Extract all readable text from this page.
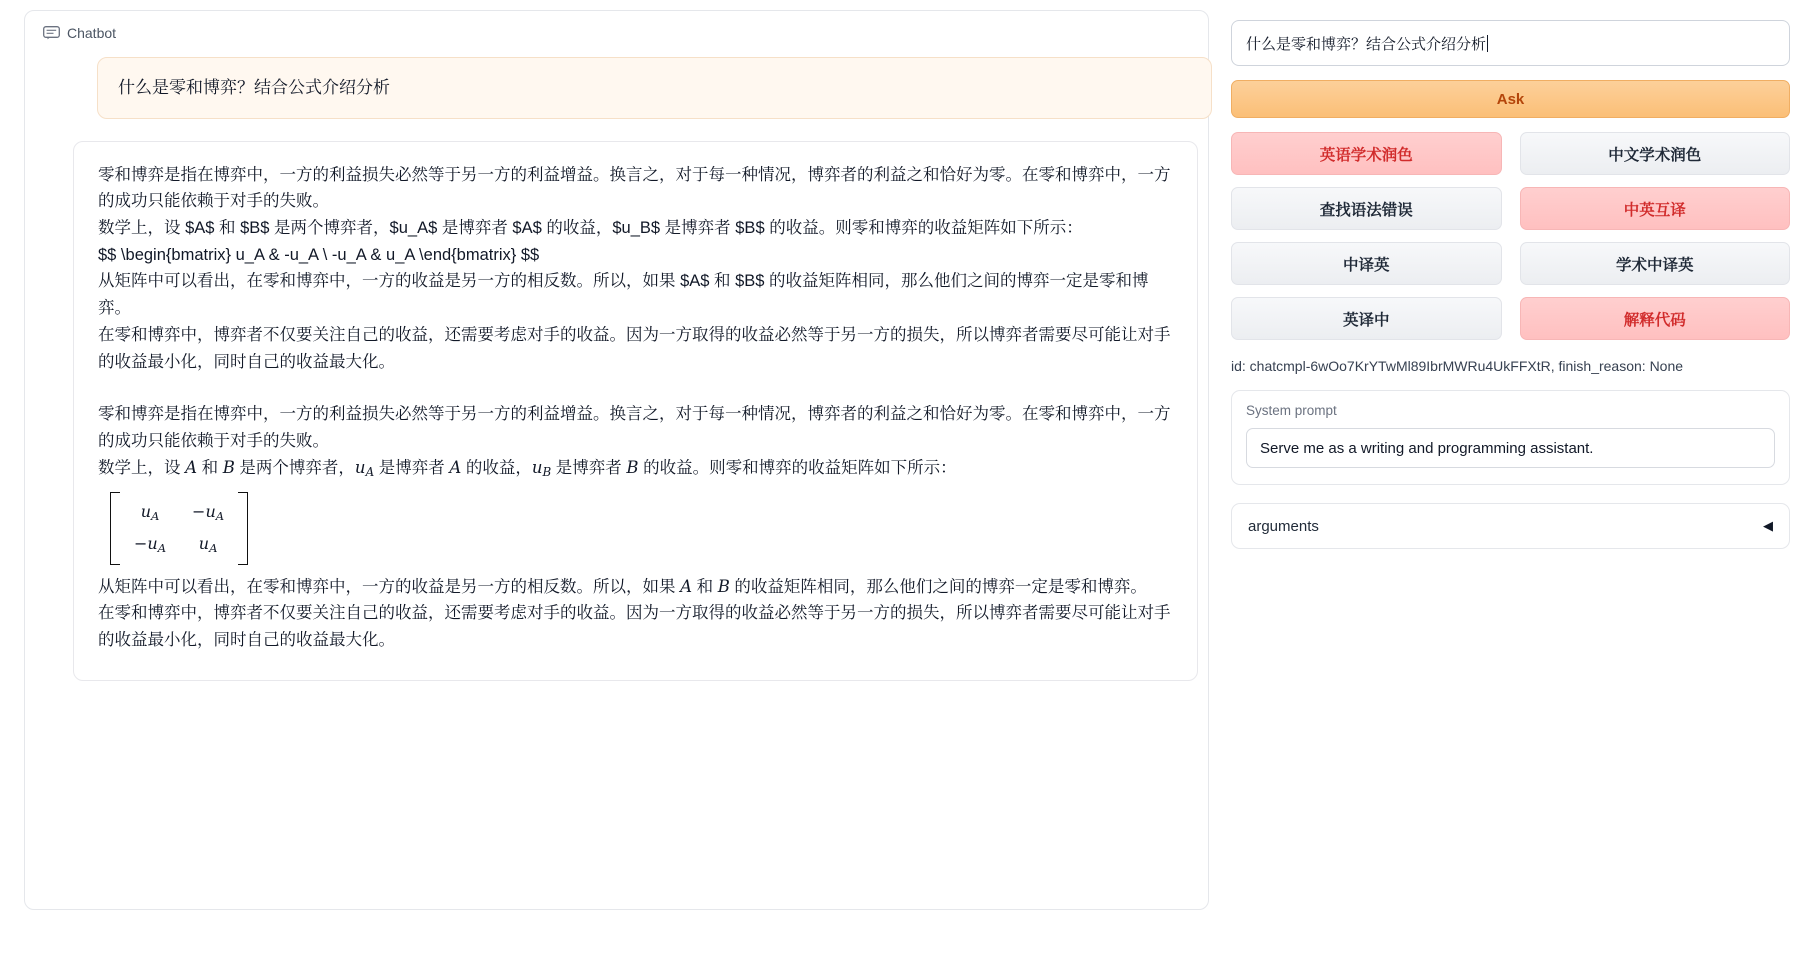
Chatbot
什么是零和博弈？结合公式介绍分析
零和博弈是指在博弈中，一方的利益损失必然等于另一方的利益增益。换言之，对于每一种情况，博弈者的利益之和恰好为零。在零和博弈中，一方的成功只能依赖于对手的失败。
数学上，设 $A$ 和 $B$ 是两个博弈者，$u_A$ 是博弈者 $A$ 的收益，$u_B$ 是博弈者 $B$ 的收益。则零和博弈的收益矩阵如下所示：
$$ \begin{bmatrix} u_A & -u_A \ -u_A & u_A \end{bmatrix} $$
从矩阵中可以看出，在零和博弈中，一方的收益是另一方的相反数。所以，如果 $A$ 和 $B$ 的收益矩阵相同，那么他们之间的博弈一定是零和博弈。
在零和博弈中，博弈者不仅要关注自己的收益，还需要考虑对手的收益。因为一方取得的收益必然等于另一方的损失，所以博弈者需要尽可能让对手的收益最小化，同时自己的收益最大化。
零和博弈是指在博弈中，一方的利益损失必然等于另一方的利益增益。换言之，对于每一种情况，博弈者的利益之和恰好为零。在零和博弈中，一方的成功只能依赖于对手的失败。
数学上，设 A 和 B 是两个博弈者，$u_A$ 是博弈者 A 的收益，$u_B$ 是博弈者 B 的收益。则零和博弈的收益矩阵如下所示：
$u_A$	$-u_A$
$-u_A$	$u_A$
从矩阵中可以看出，在零和博弈中，一方的收益是另一方的相反数。所以，如果 A 和 B 的收益矩阵相同，那么他们之间的博弈一定是零和博弈。
在零和博弈中，博弈者不仅要关注自己的收益，还需要考虑对手的收益。因为一方取得的收益必然等于另一方的损失，所以博弈者需要尽可能让对手的收益最小化，同时自己的收益最大化。
什么是零和博弈？结合公式介绍分析
Ask
英语学术润色	中文学术润色
查找语法错误	中英互译
中译英	学术中译英
英译中	解释代码
id: chatcmpl-6wOo7KrYTwMl89IbrMWRu4UkFFXtR, finish_reason: None
System prompt
Serve me as a writing and programming assistant.
arguments	◀
